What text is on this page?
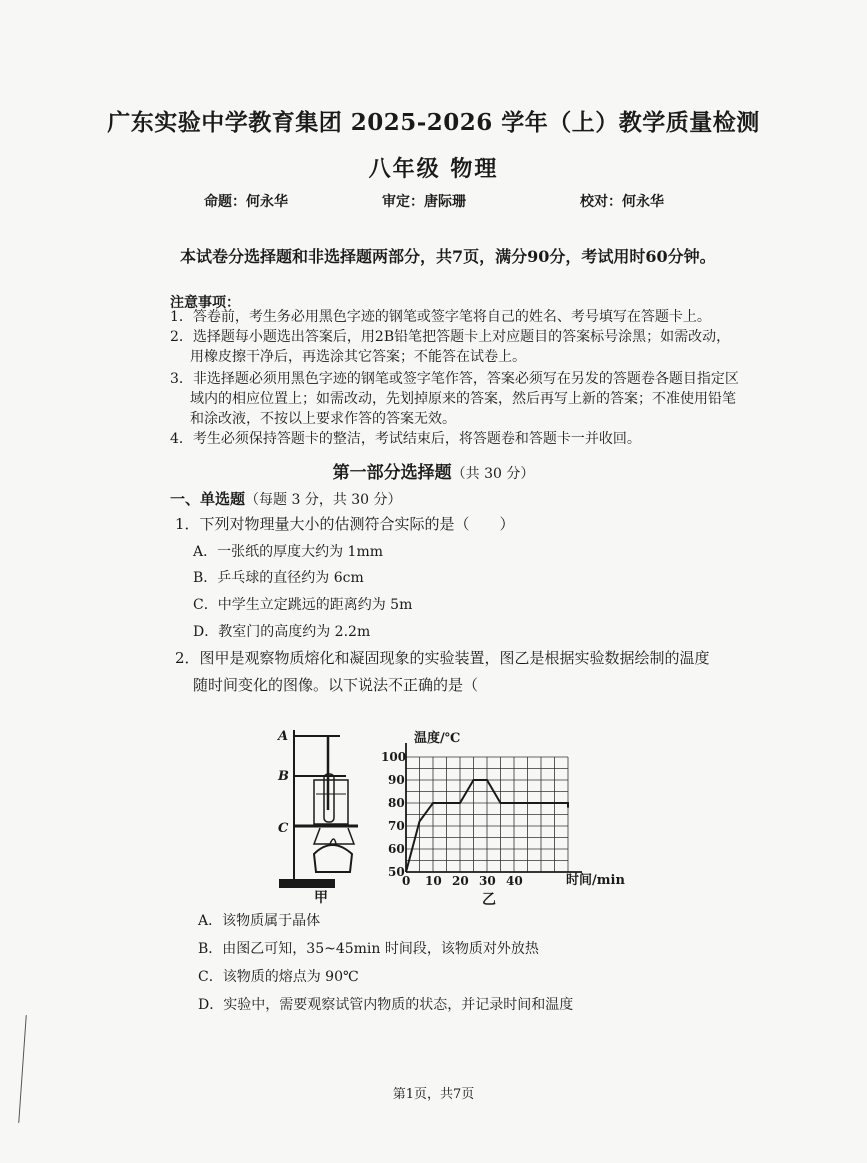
广东实验中学教育集团 2025-2026 学年（上）教学质量检测
八年级 物理
命题：何永华	审定：唐际珊	校对：何永华
本试卷分选择题和非选择题两部分，共7页，满分90分，考试用时60分钟。
注意事项：
1．答卷前，考生务必用黑色字迹的钢笔或签字笔将自己的姓名、考号填写在答题卡上。
2．选择题每小题选出答案后，用2B铅笔把答题卡上对应题目的答案标号涂黑；如需改动，
用橡皮擦干净后，再选涂其它答案；不能答在试卷上。
3．非选择题必须用黑色字迹的钢笔或签字笔作答，答案必须写在另发的答题卷各题目指定区
域内的相应位置上；如需改动，先划掉原来的答案，然后再写上新的答案；不准使用铅笔
和涂改液，不按以上要求作答的答案无效。
4．考生必须保持答题卡的整洁，考试结束后，将答题卷和答题卡一并收回。
第一部分选择题（共 30 分）
一、单选题（每题 3 分，共 30 分）
1．下列对物理量大小的估测符合实际的是（　　）
A．一张纸的厚度大约为 1mm
B．乒乓球的直径约为 6cm
C．中学生立定跳远的距离约为 5m
D．教室门的高度约为 2.2m
2．图甲是观察物质熔化和凝固现象的实验装置，图乙是根据实验数据绘制的温度
随时间变化的图像。以下说法不正确的是（
A
B
C
甲
0 10 20 30 40
50
60
70
80
90
100
温度/℃
时间/min
乙
A．该物质属于晶体
B．由图乙可知，35~45min 时间段，该物质对外放热
C．该物质的熔点为 90℃
D．实验中，需要观察试管内物质的状态，并记录时间和温度
第1页，共7页
